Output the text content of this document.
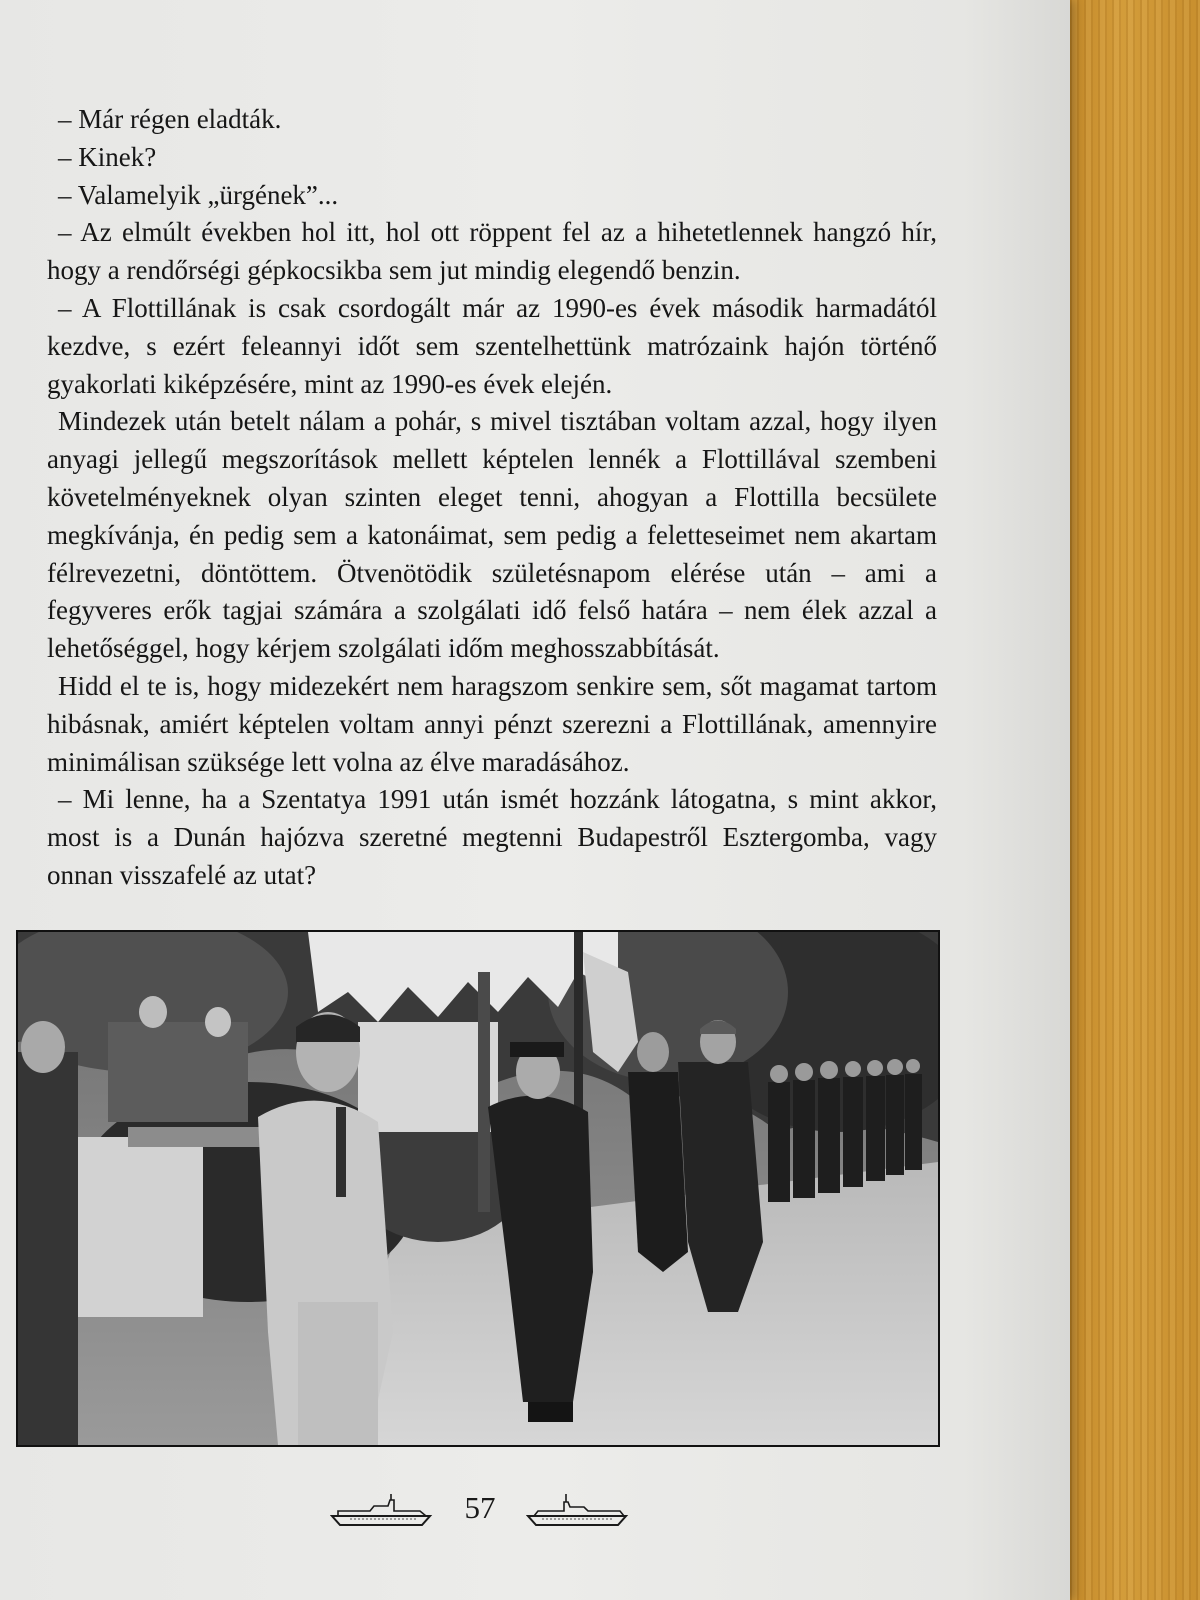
– Már régen eladták.

– Kinek?

– Valamelyik „ürgének”...

– Az elmúlt években hol itt, hol ott röppent fel az a hihetetlennek hangzó hír, hogy a rendőrségi gépkocsikba sem jut mindig elegendő benzin.

– A Flottillának is csak csordogált már az 1990-es évek második harmadától kezdve, s ezért feleannyi időt sem szentelhettünk matrózaink hajón történő gyakorlati kiképzésére, mint az 1990-es évek elején.

Mindezek után betelt nálam a pohár, s mivel tisztában voltam azzal, hogy ilyen anyagi jellegű megszorítások mellett képtelen lennék a Flottillával szembeni követelményeknek olyan szinten eleget tenni, ahogyan a Flottilla becsülete megkívánja, én pedig sem a katonáimat, sem pedig a feletteseimet nem akartam félrevezetni, döntöttem. Ötvenötödik születésnapom elérése után – ami a fegyveres erők tagjai számára a szolgálati idő felső határa – nem élek azzal a lehetőséggel, hogy kérjem szolgálati időm meghosszabbítását.

Hidd el te is, hogy midezekért nem haragszom senkire sem, sőt magamat tartom hibásnak, amiért képtelen voltam annyi pénzt szerezni a Flottillának, amennyire minimálisan szüksége lett volna az élve maradásához.

– Mi lenne, ha a Szentatya 1991 után ismét hozzánk látogatna, s mint akkor, most is a Dunán hajózva szeretné megtenni Budapestről Esztergomba, vagy onnan visszafelé az utat?

57
